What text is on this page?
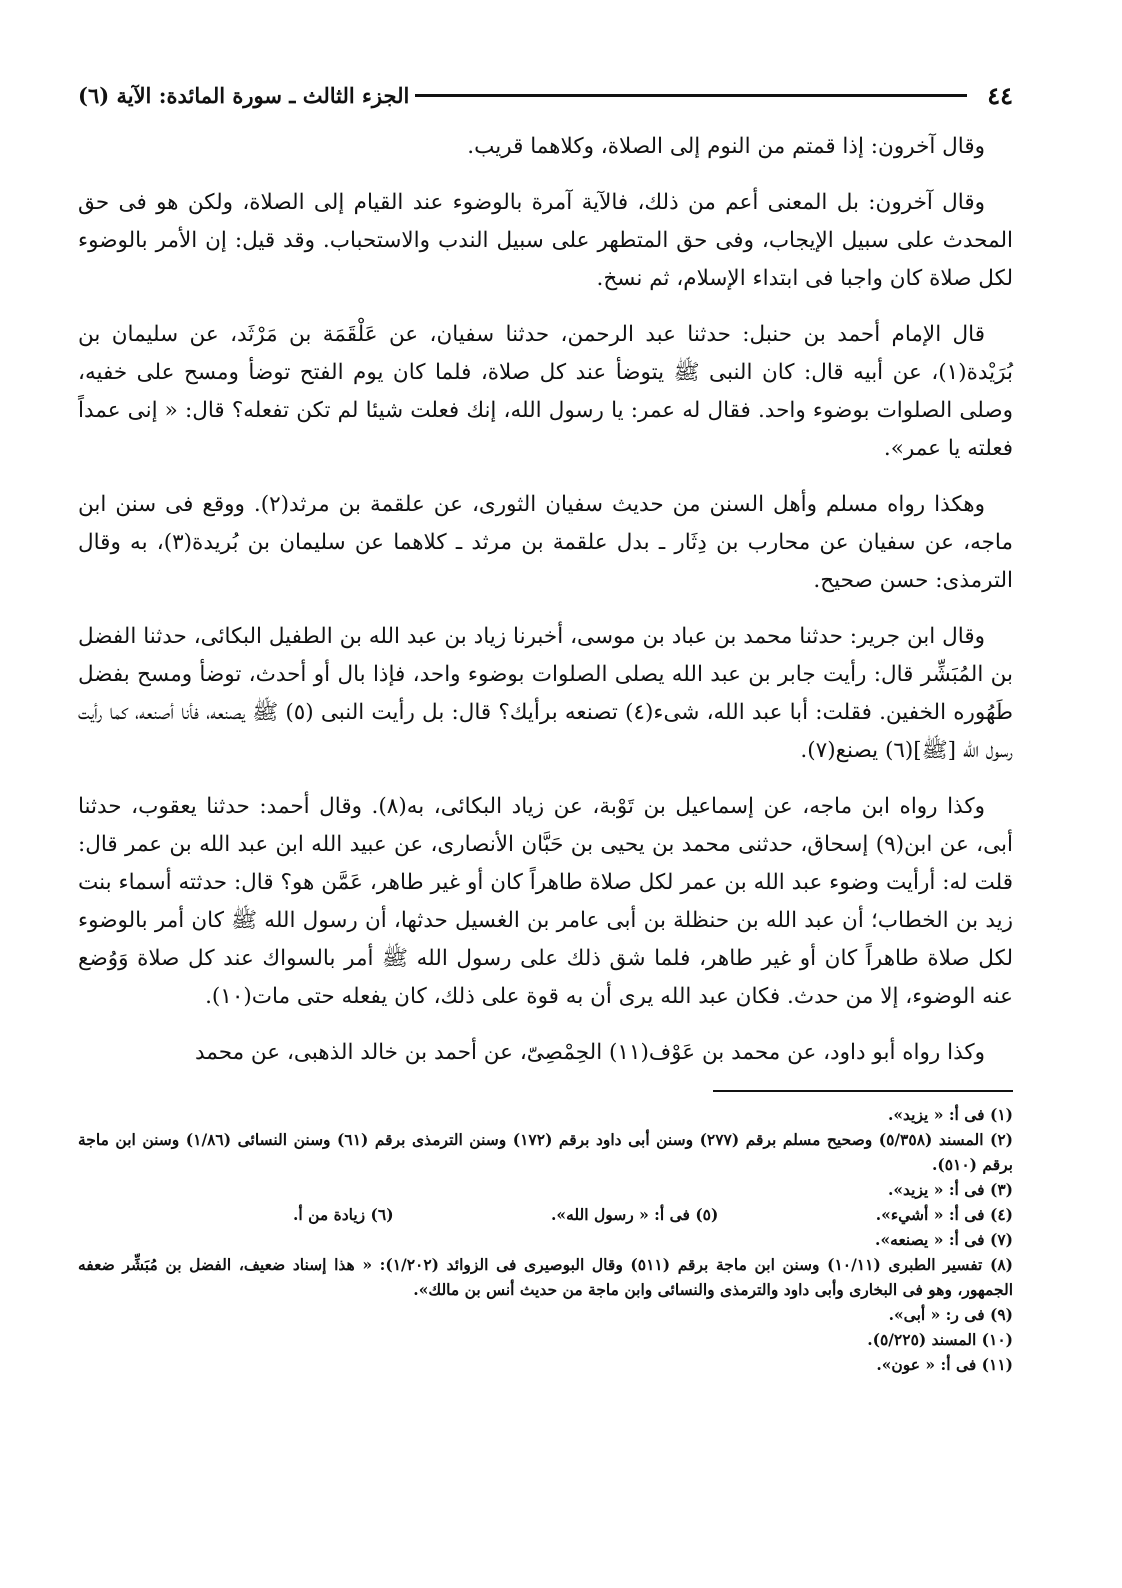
٤٤
الجزء الثالث ـ سورة المائدة: الآية (٦)

وقال آخرون: إذا قمتم من النوم إلى الصلاة، وكلاهما قريب.

وقال آخرون: بل المعنى أعم من ذلك، فالآية آمرة بالوضوء عند القيام إلى الصلاة، ولكن هو فى حق المحدث على سبيل الإيجاب، وفى حق المتطهر على سبيل الندب والاستحباب. وقد قيل: إن الأمر بالوضوء لكل صلاة كان واجبا فى ابتداء الإسلام، ثم نسخ.

قال الإمام أحمد بن حنبل: حدثنا عبد الرحمن، حدثنا سفيان، عن عَلْقَمَة بن مَرْثَد، عن سليمان بن بُرَيْدة(١)، عن أبيه قال: كان النبى ﷺ يتوضأ عند كل صلاة، فلما كان يوم الفتح توضأ ومسح على خفيه، وصلى الصلوات بوضوء واحد. فقال له عمر: يا رسول الله، إنك فعلت شيئا لم تكن تفعله؟ قال: « إنى عمداً فعلته يا عمر».

وهكذا رواه مسلم وأهل السنن من حديث سفيان الثورى، عن علقمة بن مرثد(٢). ووقع فى سنن ابن ماجه، عن سفيان عن محارب بن دِثَار ـ بدل علقمة بن مرثد ـ كلاهما عن سليمان بن بُريدة(٣)، به وقال الترمذى: حسن صحيح.

وقال ابن جرير: حدثنا محمد بن عباد بن موسى، أخبرنا زياد بن عبد الله بن الطفيل البكائى، حدثنا الفضل بن المُبَشِّر قال: رأيت جابر بن عبد الله يصلى الصلوات بوضوء واحد، فإذا بال أو أحدث، توضأ ومسح بفضل طَهُوره الخفين. فقلت: أبا عبد الله، شىء(٤) تصنعه برأيك؟ قال: بل رأيت النبى (٥) ﷺ يصنعه، فأنا أصنعه، كما رأيت رسول الله [ﷺ](٦) يصنع(٧).

وكذا رواه ابن ماجه، عن إسماعيل بن تَوْبة، عن زياد البكائى، به(٨). وقال أحمد: حدثنا يعقوب، حدثنا أبى، عن ابن(٩) إسحاق، حدثنى محمد بن يحيى بن حَبَّان الأنصارى، عن عبيد الله ابن عبد الله بن عمر قال: قلت له: أرأيت وضوء عبد الله بن عمر لكل صلاة طاهراً كان أو غير طاهر، عَمَّن هو؟ قال: حدثته أسماء بنت زيد بن الخطاب؛ أن عبد الله بن حنظلة بن أبى عامر بن الغسيل حدثها، أن رسول الله ﷺ كان أمر بالوضوء لكل صلاة طاهراً كان أو غير طاهر، فلما شق ذلك على رسول الله ﷺ أمر بالسواك عند كل صلاة وَوُضع عنه الوضوء، إلا من حدث. فكان عبد الله يرى أن به قوة على ذلك، كان يفعله حتى مات(١٠).

وكذا رواه أبو داود، عن محمد بن عَوْف(١١) الحِمْصِىّ، عن أحمد بن خالد الذهبى، عن محمد

(١) فى أ: « يزيد».

(٢) المسند (٥/٣٥٨) وصحيح مسلم برقم (٢٧٧) وسنن أبى داود برقم (١٧٢) وسنن الترمذى برقم (٦١) وسنن النسائى (١/٨٦) وسنن ابن ماجة برقم (٥١٠).

(٣) فى أ: « يزيد».

(٤) فى أ: « أشيء».
(٥) فى أ: « رسول الله».
(٦) زيادة من أ.

(٧) فى أ: « يصنعه».

(٨) تفسير الطبرى (١٠/١١) وسنن ابن ماجة برقم (٥١١) وقال البوصيرى فى الزوائد (١/٢٠٢): « هذا إسناد ضعيف، الفضل بن مُبَشِّر ضعفه الجمهور، وهو فى البخارى وأبى داود والترمذى والنسائى وابن ماجة من حديث أنس بن مالك».

(٩) فى ر: « أبى».

(١٠) المسند (٥/٢٢٥).

(١١) فى أ: « عون».
